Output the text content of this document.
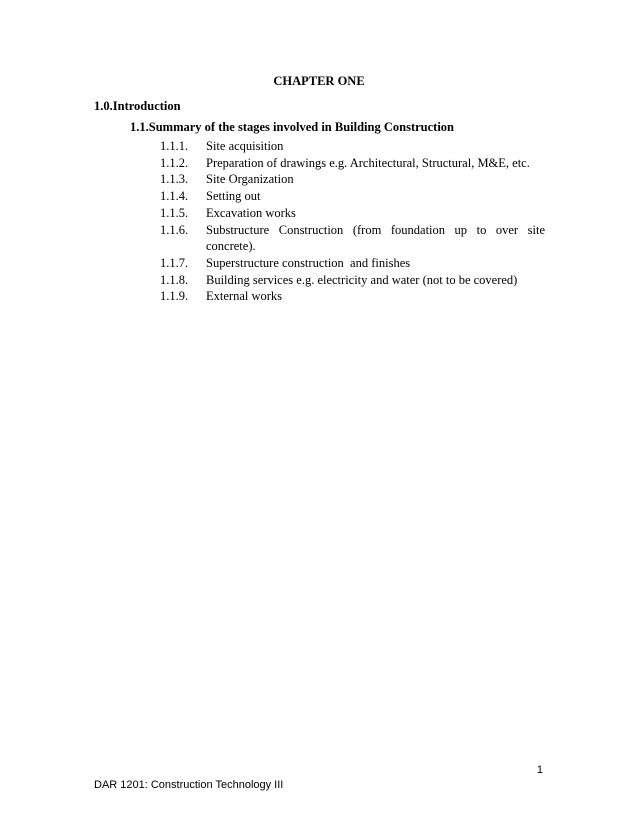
CHAPTER ONE
1.0.Introduction
1.1.Summary of the stages involved in Building Construction
1.1.1.	Site acquisition
1.1.2.	Preparation of drawings e.g. Architectural, Structural, M&E, etc.
1.1.3.	Site Organization
1.1.4.	Setting out
1.1.5.	Excavation works
1.1.6.	Substructure Construction (from foundation up to over site
concrete).
1.1.7.	Superstructure construction  and finishes
1.1.8.	Building services e.g. electricity and water (not to be covered)
1.1.9.	External works
1
DAR 1201: Construction Technology III
